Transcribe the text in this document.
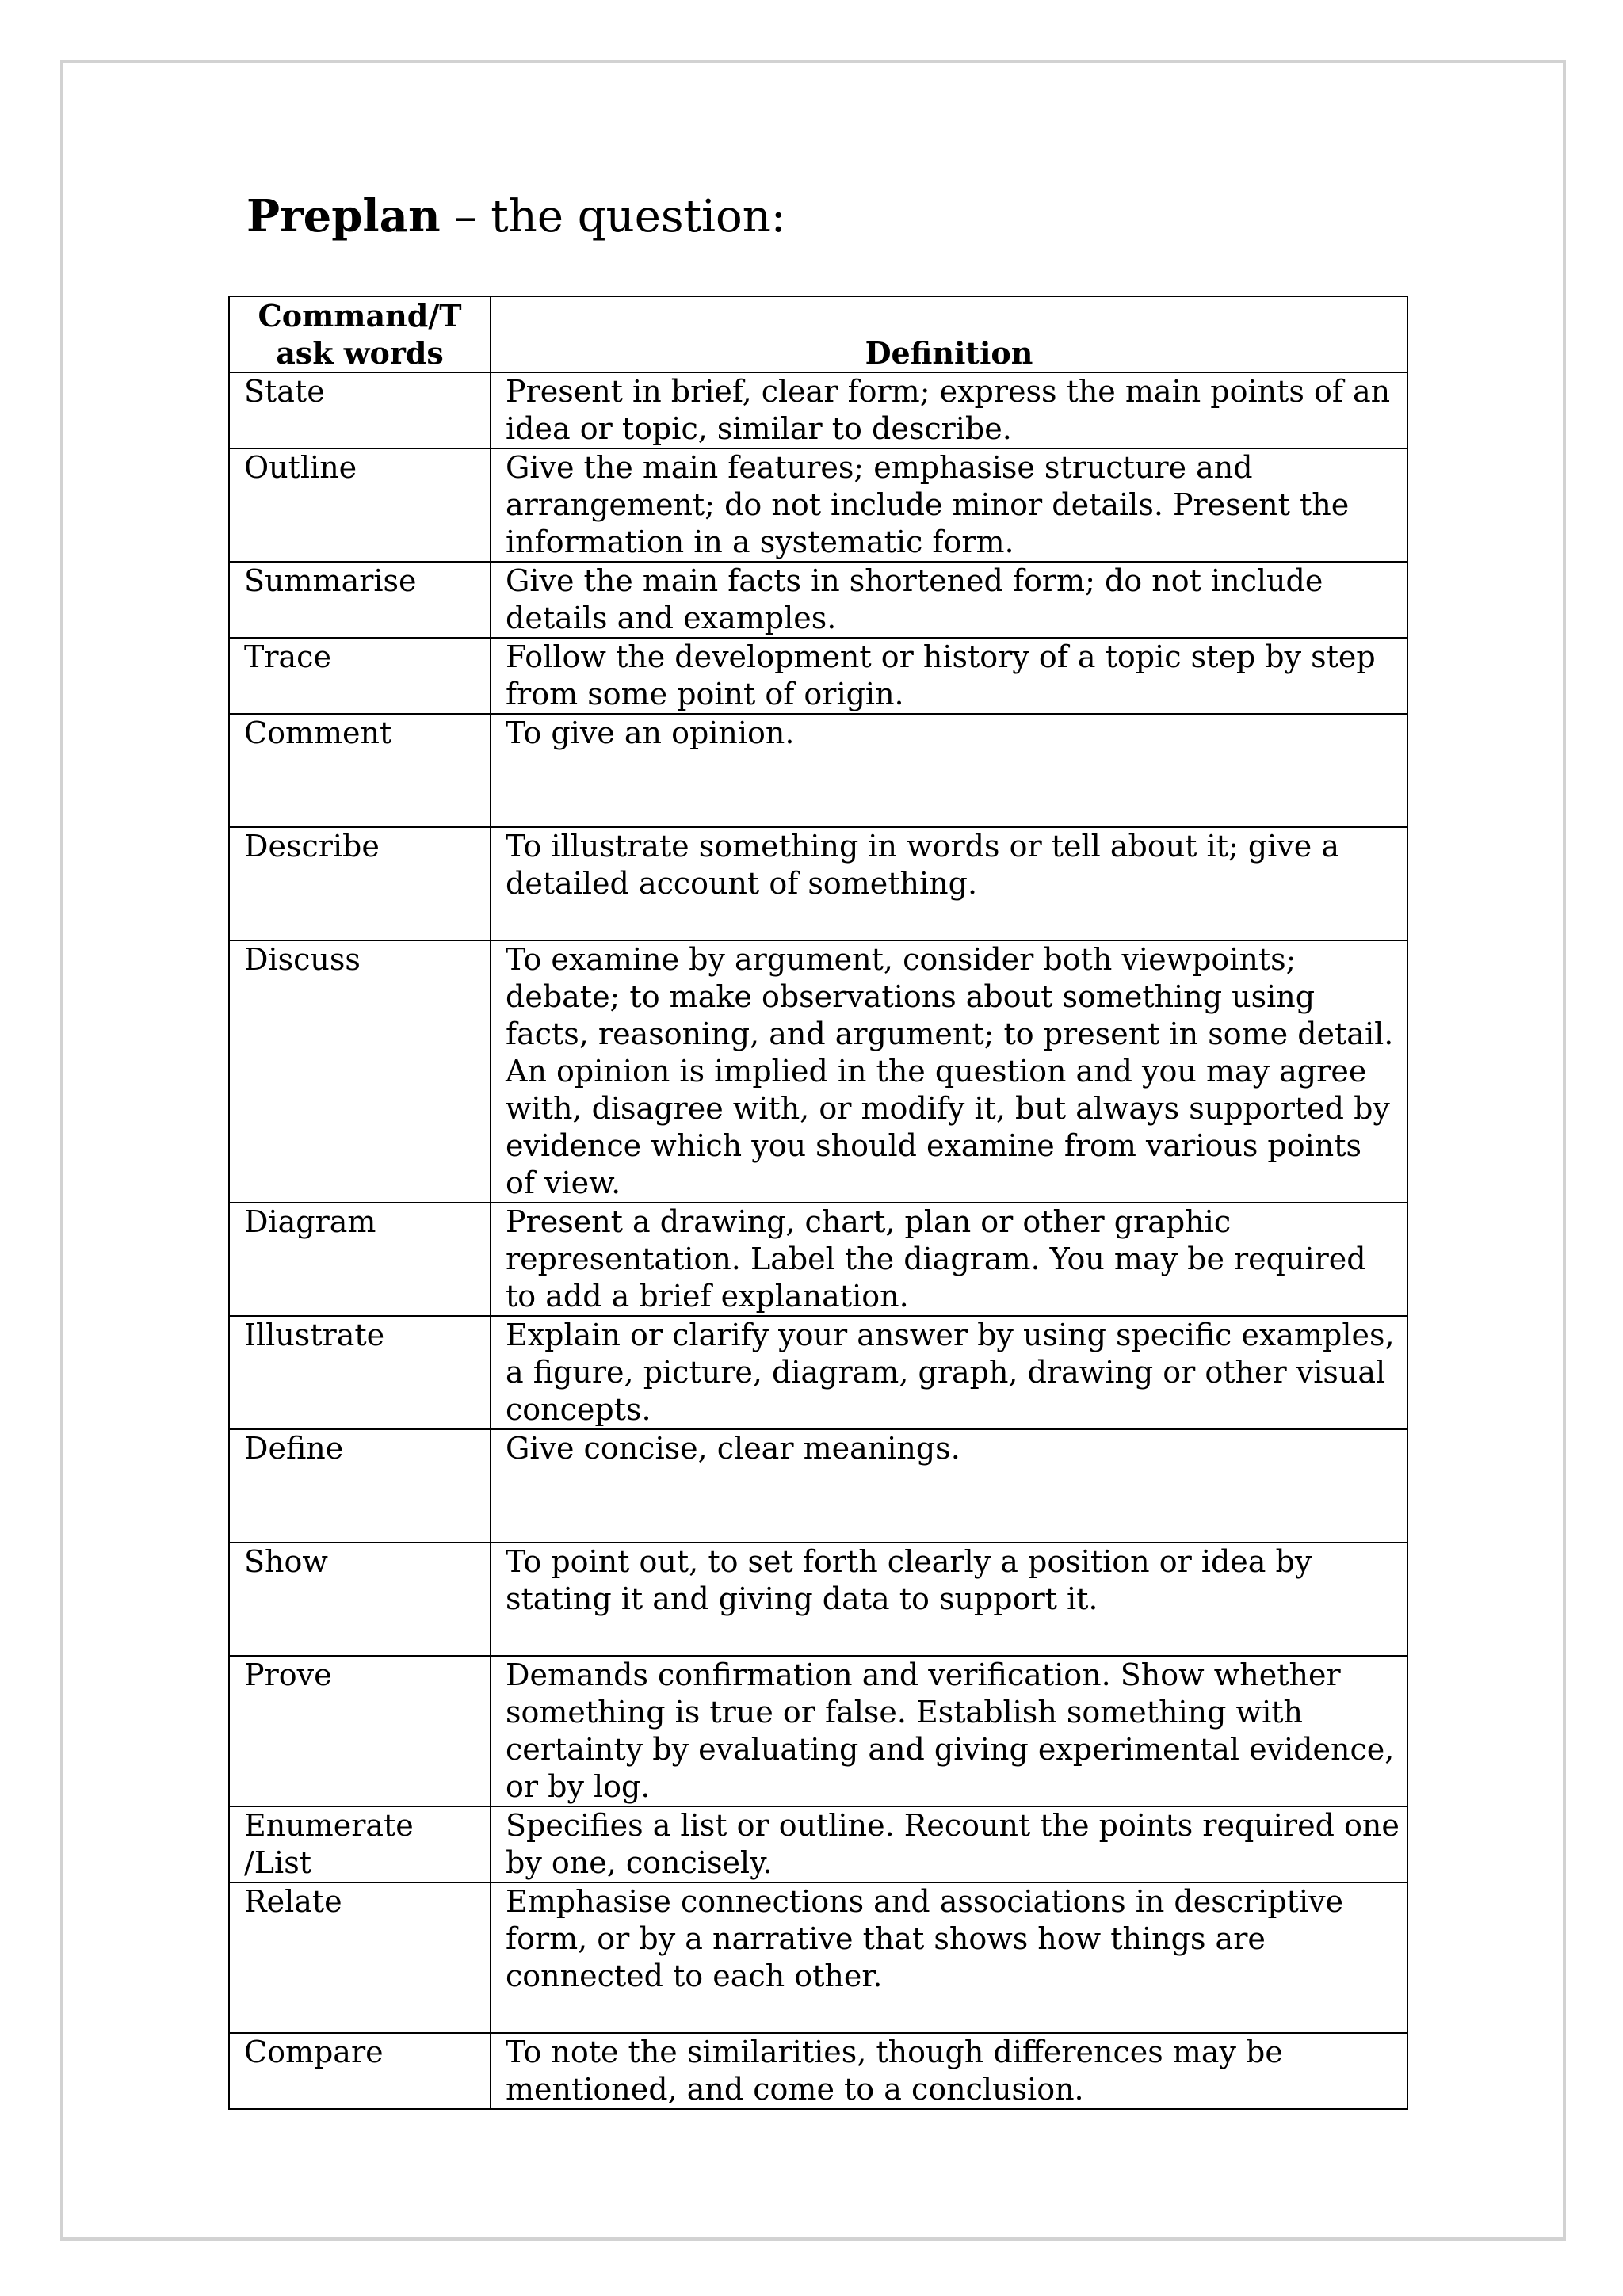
Preplan – the question:
Command/T
ask words	Definition
State	Present in brief, clear form; express the main points of an idea or topic, similar to describe.
Outline	Give the main features; emphasise structure and arrangement; do not include minor details. Present the information in a systematic form.
Summarise	Give the main facts in shortened form; do not include details and examples.
Trace	Follow the development or history of a topic step by step from some point of origin.
Comment	To give an opinion.
Describe	To illustrate something in words or tell about it; give a detailed account of something.
Discuss	To examine by argument, consider both viewpoints; debate; to make observations about something using facts, reasoning, and argument; to present in some detail. An opinion is implied in the question and you may agree with, disagree with, or modify it, but always supported by evidence which you should examine from various points of view.
Diagram	Present a drawing, chart, plan or other graphic representation. Label the diagram. You may be required to add a brief explanation.
Illustrate	Explain or clarify your answer by using specific examples, a figure, picture, diagram, graph, drawing or other visual concepts.
Define	Give concise, clear meanings.
Show	To point out, to set forth clearly a position or idea by stating it and giving data to support it.
Prove	Demands confirmation and verification. Show whether something is true or false. Establish something with certainty by evaluating and giving experimental evidence, or by log.
Enumerate /List	Specifies a list or outline. Recount the points required one by one, concisely.
Relate	Emphasise connections and associations in descriptive form, or by a narrative that shows how things are connected to each other.
Compare	To note the similarities, though differences may be mentioned, and come to a conclusion.
